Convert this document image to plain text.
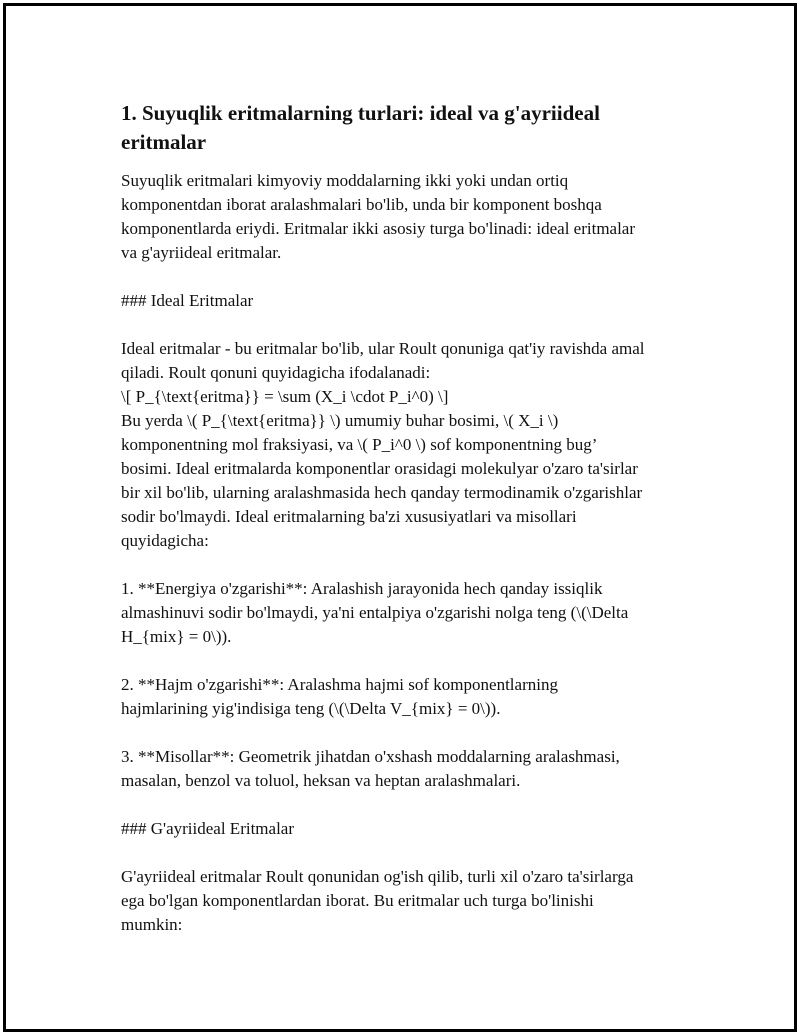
1. Suyuqlik eritmalarning turlari: ideal va g'ayriideal
eritmalar

Suyuqlik eritmalari kimyoviy moddalarning ikki yoki undan ortiq
komponentdan iborat aralashmalari bo'lib, unda bir komponent boshqa
komponentlarda eriydi. Eritmalar ikki asosiy turga bo'linadi: ideal eritmalar
va g'ayriideal eritmalar.

### Ideal Eritmalar

Ideal eritmalar - bu eritmalar bo'lib, ular Roult qonuniga qat'iy ravishda amal
qiladi. Roult qonuni quyidagicha ifodalanadi:
\[ P_{\text{eritma}} = \sum (X_i \cdot P_i^0) \]
Bu yerda \( P_{\text{eritma}} \) umumiy buhar bosimi, \( X_i \)
komponentning mol fraksiyasi, va \( P_i^0 \) sof komponentning bug’
bosimi. Ideal eritmalarda komponentlar orasidagi molekulyar o'zaro ta'sirlar
bir xil bo'lib, ularning aralashmasida hech qanday termodinamik o'zgarishlar
sodir bo'lmaydi. Ideal eritmalarning ba'zi xususiyatlari va misollari
quyidagicha:

1. **Energiya o'zgarishi**: Aralashish jarayonida hech qanday issiqlik
almashinuvi sodir bo'lmaydi, ya'ni entalpiya o'zgarishi nolga teng (\(\Delta
H_{mix} = 0\)).

2. **Hajm o'zgarishi**: Aralashma hajmi sof komponentlarning
hajmlarining yig'indisiga teng (\(\Delta V_{mix} = 0\)).

3. **Misollar**: Geometrik jihatdan o'xshash moddalarning aralashmasi,
masalan, benzol va toluol, heksan va heptan aralashmalari.

### G'ayriideal Eritmalar

G'ayriideal eritmalar Roult qonunidan og'ish qilib, turli xil o'zaro ta'sirlarga
ega bo'lgan komponentlardan iborat. Bu eritmalar uch turga bo'linishi
mumkin:
